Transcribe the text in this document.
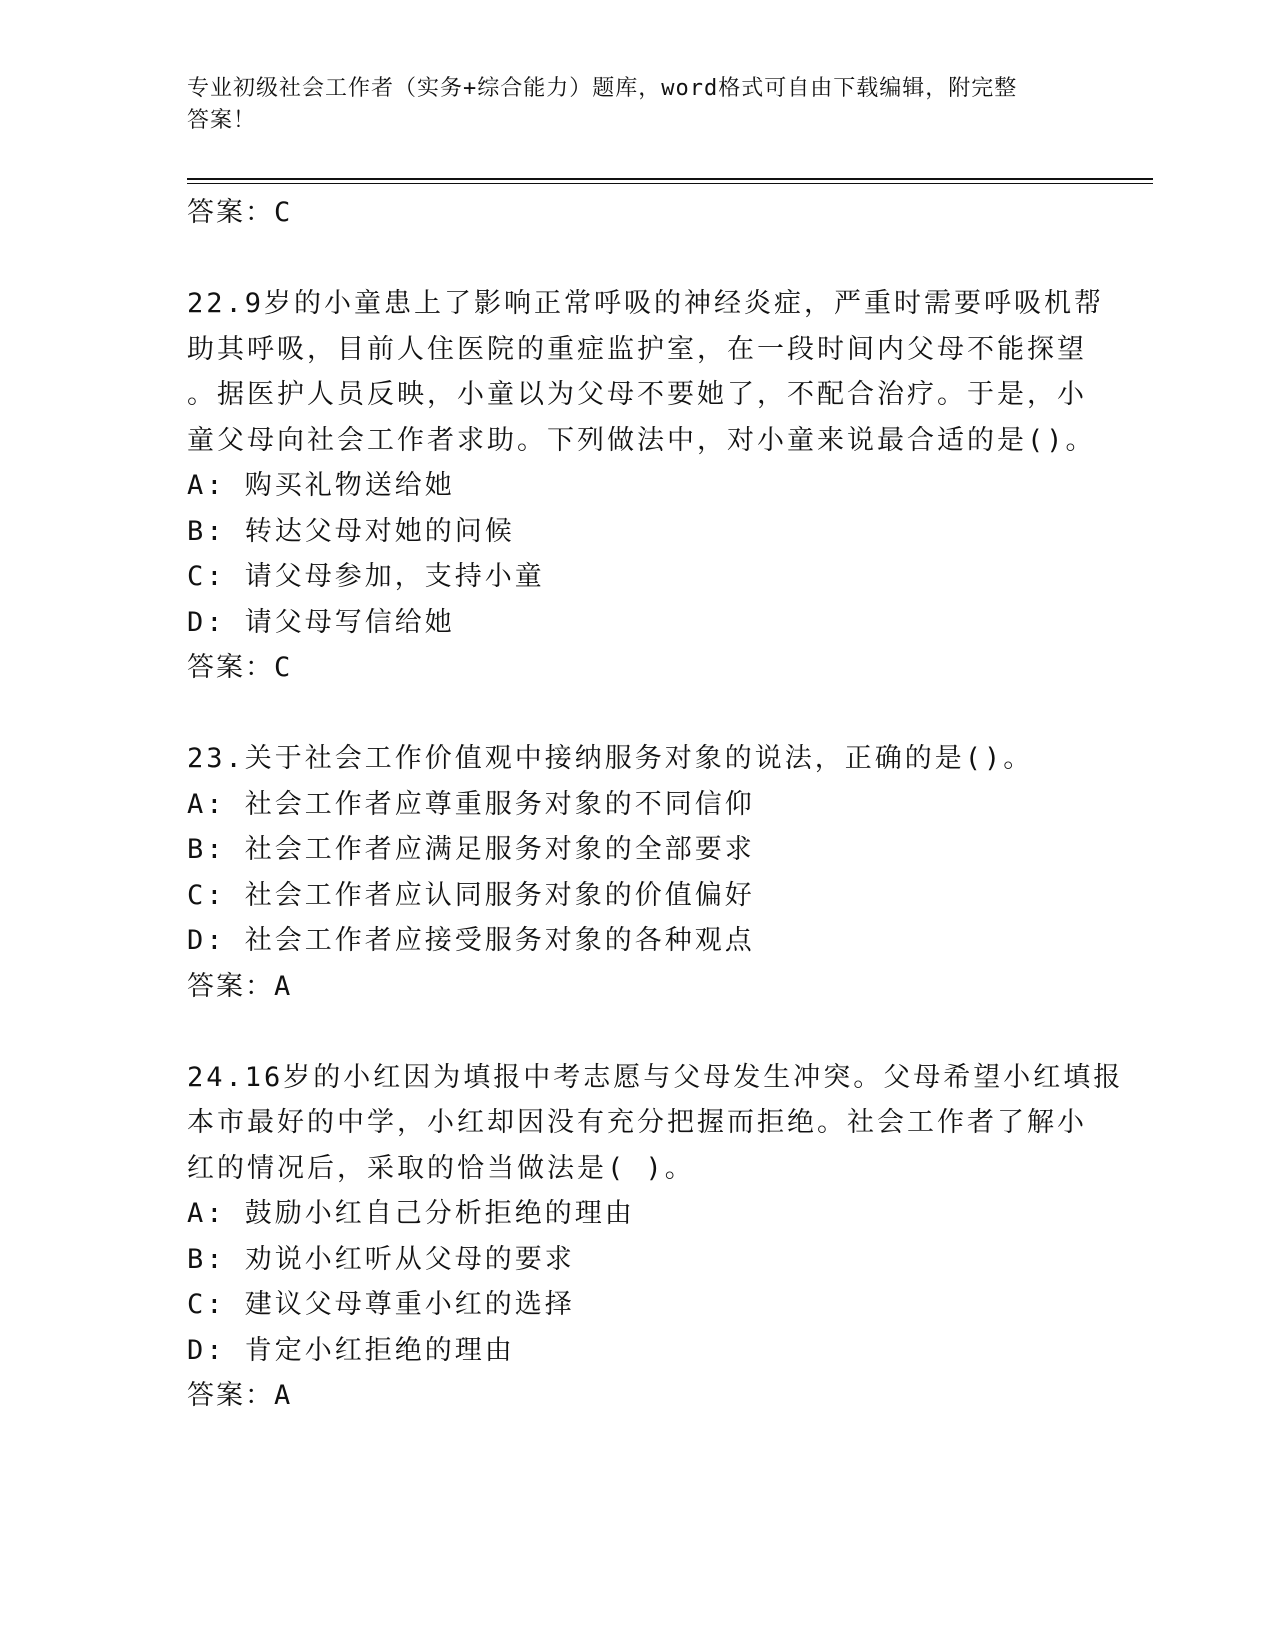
专业初级社会工作者（实务+综合能力）题库，word格式可自由下载编辑，附完整
答案！
答案：C
22.9岁的小童患上了影响正常呼吸的神经炎症，严重时需要呼吸机帮
助其呼吸，目前人住医院的重症监护室，在一段时间内父母不能探望
。据医护人员反映，小童以为父母不要她了，不配合治疗。于是，小
童父母向社会工作者求助。下列做法中，对小童来说最合适的是()。
A: 购买礼物送给她
B: 转达父母对她的问候
C: 请父母参加，支持小童
D: 请父母写信给她
答案：C
23.关于社会工作价值观中接纳服务对象的说法，正确的是()。
A: 社会工作者应尊重服务对象的不同信仰
B: 社会工作者应满足服务对象的全部要求
C: 社会工作者应认同服务对象的价值偏好
D: 社会工作者应接受服务对象的各种观点
答案：A
24.16岁的小红因为填报中考志愿与父母发生冲突。父母希望小红填报
本市最好的中学，小红却因没有充分把握而拒绝。社会工作者了解小
红的情况后，采取的恰当做法是( )。
A: 鼓励小红自己分析拒绝的理由
B: 劝说小红听从父母的要求
C: 建议父母尊重小红的选择
D: 肯定小红拒绝的理由
答案：A
